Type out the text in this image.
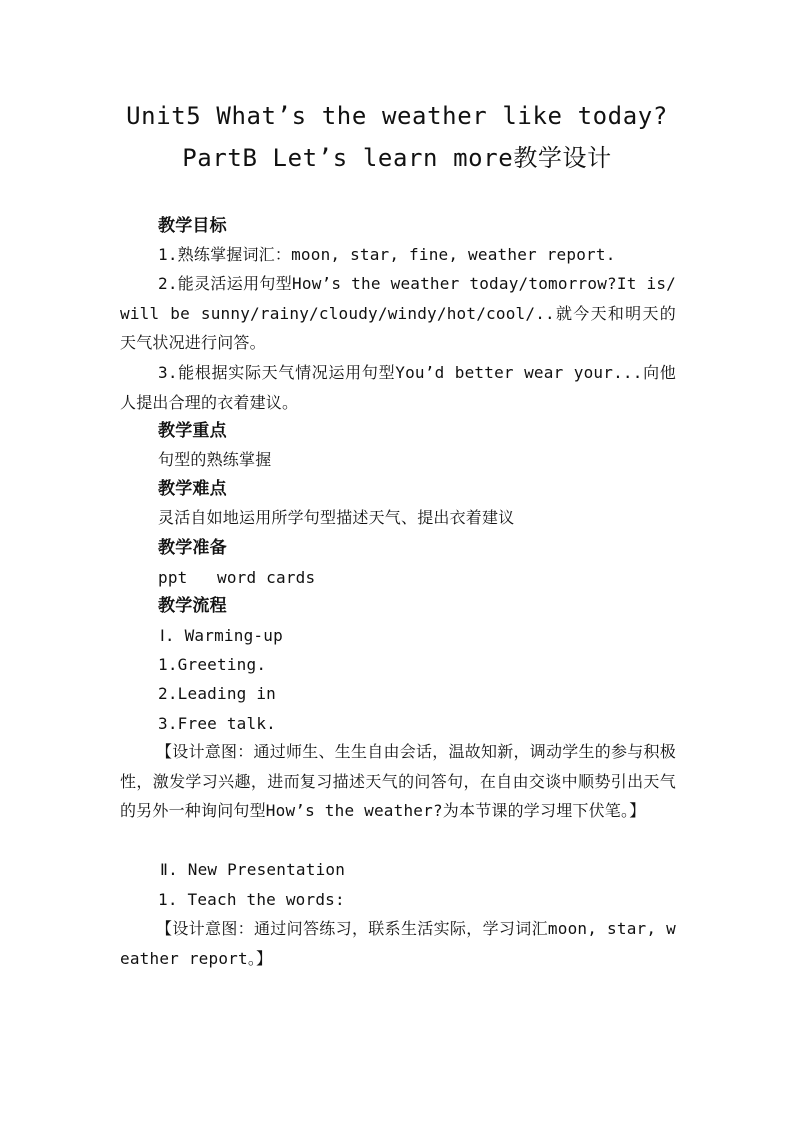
Unit5 What’s the weather like today?
PartB Let’s learn more教学设计
教学目标
1.熟练掌握词汇：moon, star, fine, weather report.
2.能灵活运用句型How’s the weather today/tomorrow?It is/will be sunny/rainy/cloudy/windy/hot/cool/..就今天和明天的天气状况进行问答。
3.能根据实际天气情况运用句型You’d better wear your...向他人提出合理的衣着建议。
教学重点
句型的熟练掌握
教学难点
灵活自如地运用所学句型描述天气、提出衣着建议
教学准备
ppt   word cards
教学流程
Ⅰ. Warming-up
1.Greeting.
2.Leading in
3.Free talk.
【设计意图：通过师生、生生自由会话，温故知新，调动学生的参与积极性，激发学习兴趣，进而复习描述天气的问答句，在自由交谈中顺势引出天气的另外一种询问句型How’s the weather?为本节课的学习埋下伏笔。】
Ⅱ. New Presentation
1. Teach the words:
【设计意图：通过问答练习，联系生活实际，学习词汇moon, star, weather report。】
